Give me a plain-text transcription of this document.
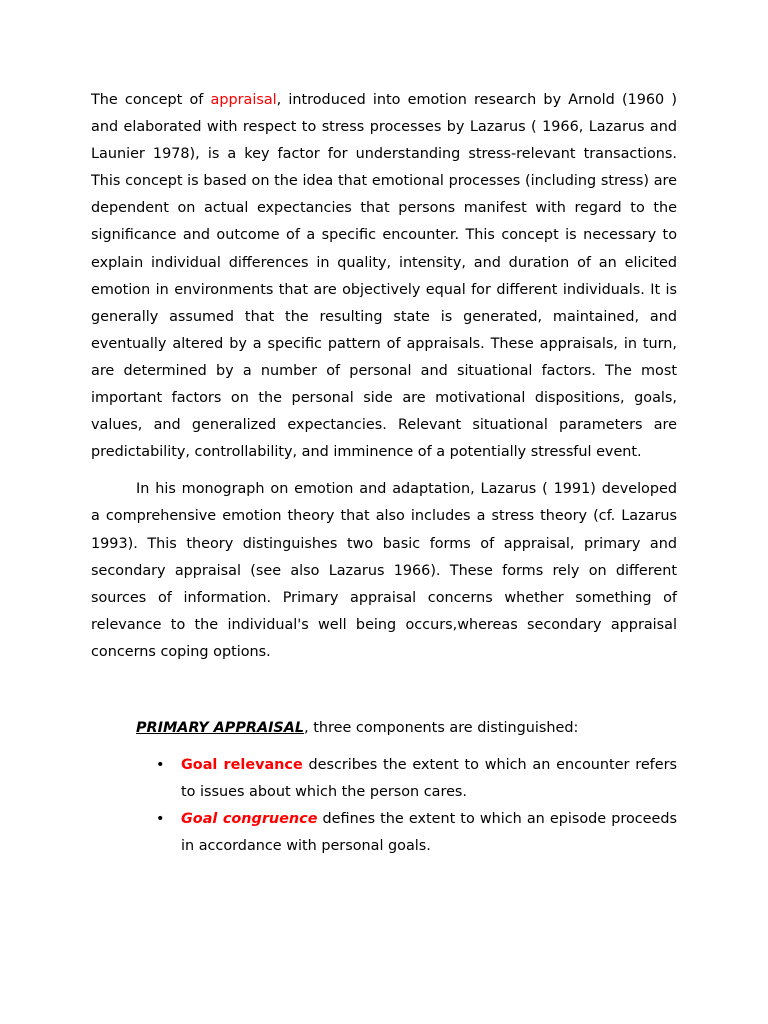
The concept of appraisal, introduced into emotion research by Arnold (1960 ) and elaborated with respect to stress processes by Lazarus ( 1966, Lazarus and Launier 1978), is a key factor for understanding stress-relevant transactions. This concept is based on the idea that emotional processes (including stress) are dependent on actual expectancies that persons manifest with regard to the significance and outcome of a specific encounter. This concept is necessary to explain individual differences in quality, intensity, and duration of an elicited emotion in environments that are objectively equal for different individuals. It is generally assumed that the resulting state is generated, maintained, and eventually altered by a specific pattern of appraisals. These appraisals, in turn, are determined by a number of personal and situational factors. The most important factors on the personal side are motivational dispositions, goals, values, and generalized expectancies. Relevant situational parameters are predictability, controllability, and imminence of a potentially stressful event.

In his monograph on emotion and adaptation, Lazarus ( 1991) developed a comprehensive emotion theory that also includes a stress theory (cf. Lazarus 1993). This theory distinguishes two basic forms of appraisal, primary and secondary appraisal (see also Lazarus 1966). These forms rely on different sources of information. Primary appraisal concerns whether something of relevance to the individual's well being occurs,whereas secondary appraisal concerns coping options.

PRIMARY APPRAISAL, three components are distinguished:
• Goal relevance describes the extent to which an encounter refers to issues about which the person cares.
• Goal congruence defines the extent to which an episode proceeds in accordance with personal goals.
